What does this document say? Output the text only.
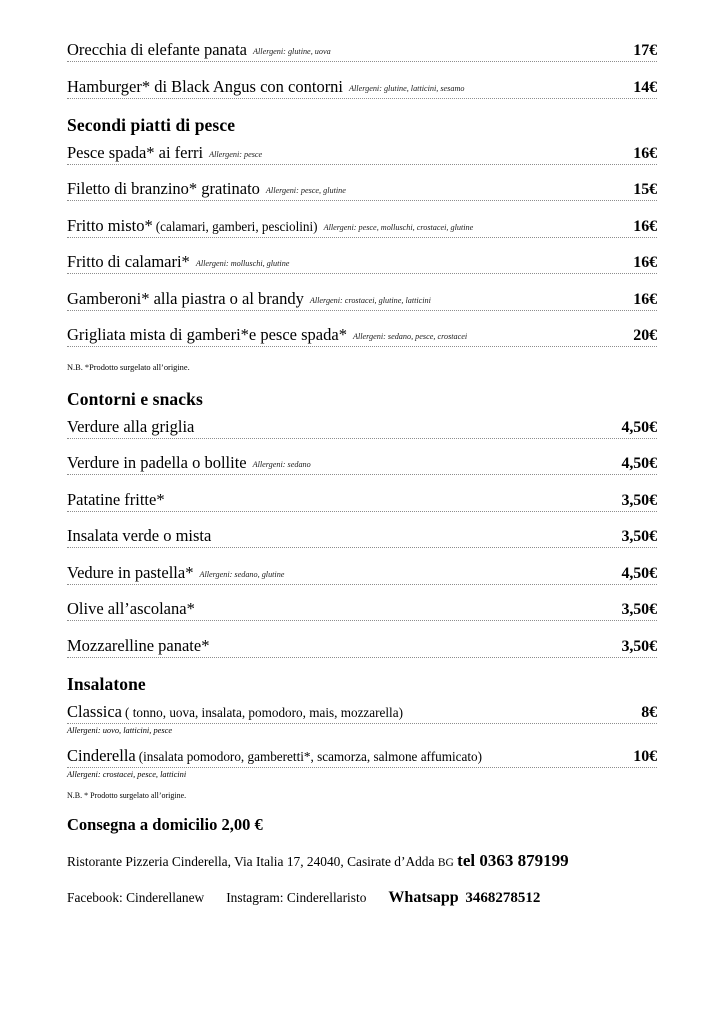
Orecchia di elefante panata Allergeni: glutine, uova	17€
Hamburger* di Black Angus con contorni Allergeni: glutine, latticini, sesamo	14€
Secondi piatti di pesce
Pesce spada* ai ferri Allergeni: pesce	16€
Filetto di branzino* gratinato Allergeni: pesce, glutine	15€
Fritto misto* (calamari, gamberi, pesciolini) Allergeni: pesce, molluschi, crostacei, glutine	16€
Fritto di calamari* Allergeni: molluschi, glutine	16€
Gamberoni* alla piastra o al brandy Allergeni: crostacei, glutine, latticini	16€
Grigliata mista di gamberi*e pesce spada* Allergeni: sedano, pesce, crostacei	20€
N.B. *Prodotto surgelato all’origine.
Contorni e snacks
Verdure alla griglia	4,50€
Verdure in padella o bollite Allergeni: sedano	4,50€
Patatine fritte*	3,50€
Insalata verde o mista	3,50€
Vedure in pastella* Allergeni: sedano, glutine	4,50€
Olive all’ascolana*	3,50€
Mozzarelline panate*	3,50€
Insalatone
Classica ( tonno, uova, insalata, pomodoro, mais, mozzarella)	8€
Allergeni: uovo, latticini, pesce
Cinderella (insalata pomodoro, gamberetti*, scamorza, salmone affumicato)	10€
Allergeni: crostacei, pesce, latticini
N.B. * Prodotto surgelato all’origine.
Consegna a domicilio 2,00 €
Ristorante Pizzeria Cinderella, Via Italia 17, 24040, Casirate d’Adda BG tel 0363 879199
Facebook: Cinderellanew Instagram: Cinderellaristo Whatsapp 3468278512
